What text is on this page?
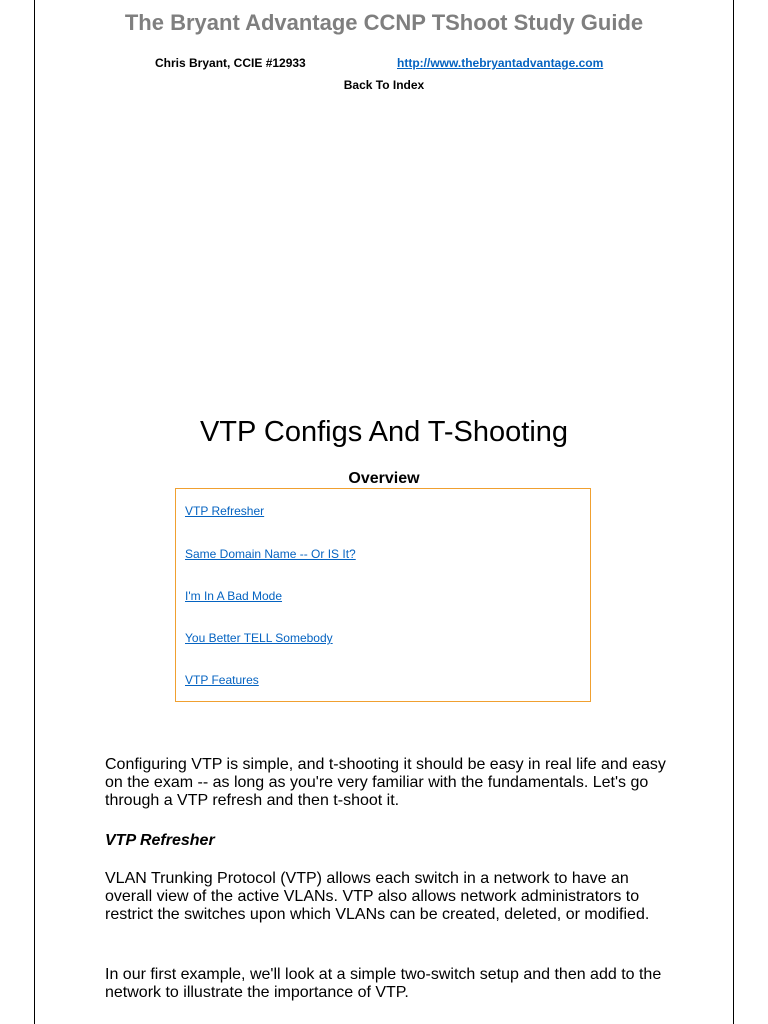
The Bryant Advantage CCNP TShoot Study Guide
Chris Bryant, CCIE #12933	http://www.thebryantadvantage.com
Back To Index
VTP Configs And T-Shooting
Overview
VTP Refresher
Same Domain Name -- Or IS It?
I'm In A Bad Mode
You Better TELL Somebody
VTP Features

Configuring VTP is simple, and t-shooting it should be easy in real life and easy on the exam -- as long as you're very familiar with the fundamentals. Let's go through a VTP refresh and then t-shoot it.

VTP Refresher

VLAN Trunking Protocol (VTP) allows each switch in a network to have an overall view of the active VLANs. VTP also allows network administrators to restrict the switches upon which VLANs can be created, deleted, or modified.

In our first example, we'll look at a simple two-switch setup and then add to the network to illustrate the importance of VTP.
